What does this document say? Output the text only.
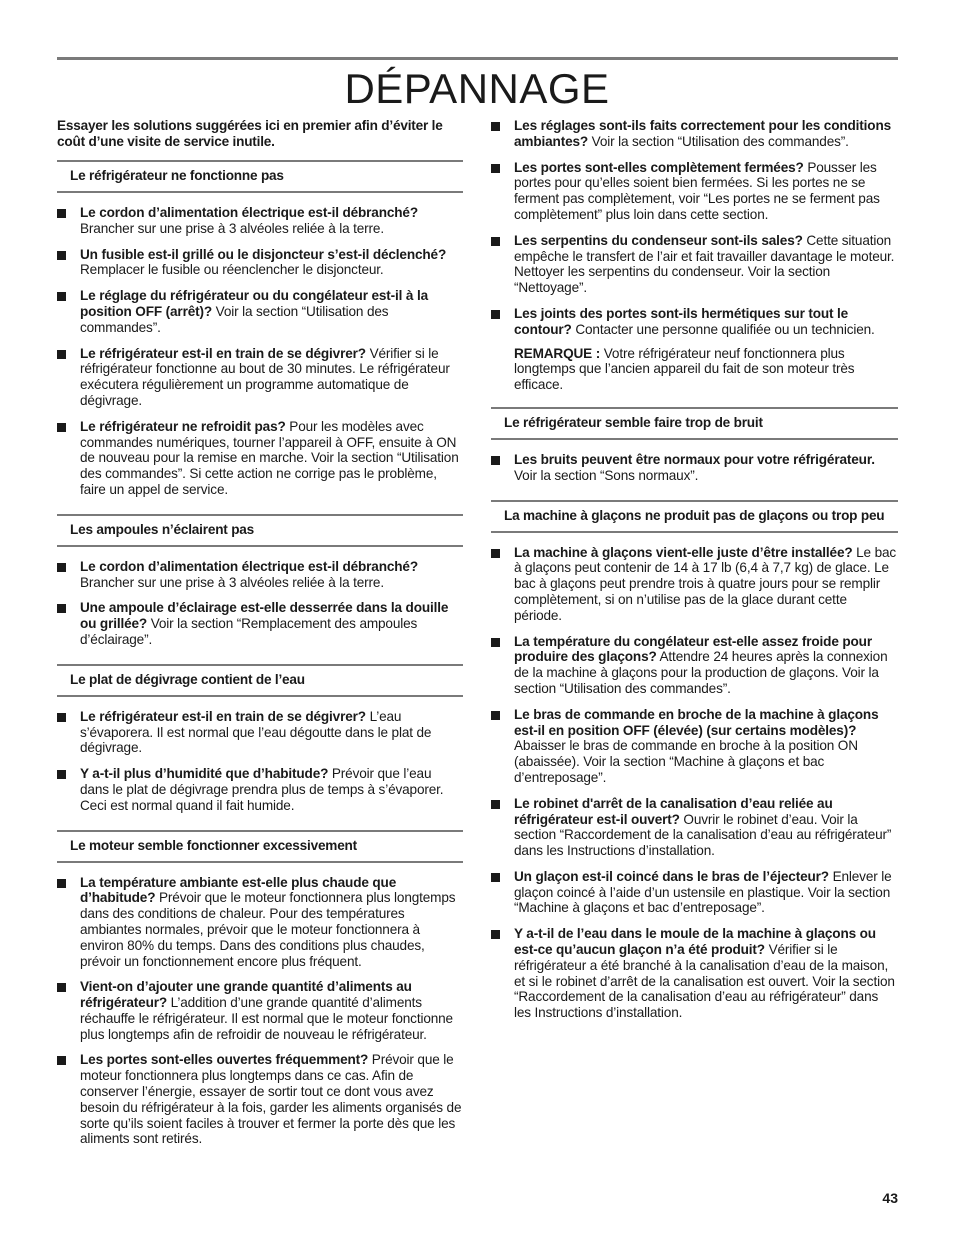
DÉPANNAGE

Essayer les solutions suggérées ici en premier afin d’éviter le coût d’une visite de service inutile.

Le réfrigérateur ne fonctionne pas
Le cordon d’alimentation électrique est-il débranché? Brancher sur une prise à 3 alvéoles reliée à la terre.
Un fusible est-il grillé ou le disjoncteur s’est-il déclenché? Remplacer le fusible ou réenclencher le disjoncteur.
Le réglage du réfrigérateur ou du congélateur est-il à la position OFF (arrêt)? Voir la section “Utilisation des commandes”.
Le réfrigérateur est-il en train de se dégivrer? Vérifier si le réfrigérateur fonctionne au bout de 30 minutes. Le réfrigérateur exécutera régulièrement un programme automatique de dégivrage.
Le réfrigérateur ne refroidit pas? Pour les modèles avec commandes numériques, tourner l’appareil à OFF, ensuite à ON de nouveau pour la remise en marche. Voir la section “Utilisation des commandes”. Si cette action ne corrige pas le problème, faire un appel de service.
Les ampoules n’éclairent pas
Le cordon d’alimentation électrique est-il débranché? Brancher sur une prise à 3 alvéoles reliée à la terre.
Une ampoule d’éclairage est-elle desserrée dans la douille ou grillée? Voir la section “Remplacement des ampoules d’éclairage”.
Le plat de dégivrage contient de l’eau
Le réfrigérateur est-il en train de se dégivrer? L’eau s’évaporera. Il est normal que l’eau dégoutte dans le plat de dégivrage.
Y a-t-il plus d’humidité que d’habitude? Prévoir que l’eau dans le plat de dégivrage prendra plus de temps à s’évaporer. Ceci est normal quand il fait humide.
Le moteur semble fonctionner excessivement
La température ambiante est-elle plus chaude que d’habitude? Prévoir que le moteur fonctionnera plus longtemps dans des conditions de chaleur. Pour des températures ambiantes normales, prévoir que le moteur fonctionnera à environ 80% du temps. Dans des conditions plus chaudes, prévoir un fonctionnement encore plus fréquent.
Vient-on d’ajouter une grande quantité d’aliments au réfrigérateur? L’addition d’une grande quantité d’aliments réchauffe le réfrigérateur. Il est normal que le moteur fonctionne plus longtemps afin de refroidir de nouveau le réfrigérateur.
Les portes sont-elles ouvertes fréquemment? Prévoir que le moteur fonctionnera plus longtemps dans ce cas. Afin de conserver l’énergie, essayer de sortir tout ce dont vous avez besoin du réfrigérateur à la fois, garder les aliments organisés de sorte qu’ils soient faciles à trouver et fermer la porte dès que les aliments sont retirés.
Les réglages sont-ils faits correctement pour les conditions ambiantes? Voir la section “Utilisation des commandes”.
Les portes sont-elles complètement fermées? Pousser les portes pour qu’elles soient bien fermées. Si les portes ne se ferment pas complètement, voir “Les portes ne se ferment pas complètement” plus loin dans cette section.
Les serpentins du condenseur sont-ils sales? Cette situation empêche le transfert de l’air et fait travailler davantage le moteur. Nettoyer les serpentins du condenseur. Voir la section “Nettoyage”.
Les joints des portes sont-ils hermétiques sur tout le contour? Contacter une personne qualifiée ou un technicien.
REMARQUE : Votre réfrigérateur neuf fonctionnera plus longtemps que l’ancien appareil du fait de son moteur très efficace.
Le réfrigérateur semble faire trop de bruit
Les bruits peuvent être normaux pour votre réfrigérateur. Voir la section “Sons normaux”.
La machine à glaçons ne produit pas de glaçons ou trop peu
La machine à glaçons vient-elle juste d’être installée? Le bac à glaçons peut contenir de 14 à 17 lb (6,4 à 7,7 kg) de glace. Le bac à glaçons peut prendre trois à quatre jours pour se remplir complètement, si on n’utilise pas de la glace durant cette période.
La température du congélateur est-elle assez froide pour produire des glaçons? Attendre 24 heures après la connexion de la machine à glaçons pour la production de glaçons. Voir la section “Utilisation des commandes”.
Le bras de commande en broche de la machine à glaçons est-il en position OFF (élevée) (sur certains modèles)? Abaisser le bras de commande en broche à la position ON (abaissée). Voir la section “Machine à glaçons et bac d’entreposage”.
Le robinet d'arrêt de la canalisation d’eau reliée au réfrigérateur est-il ouvert? Ouvrir le robinet d’eau. Voir la section “Raccordement de la canalisation d’eau au réfrigérateur” dans les Instructions d’installation.
Un glaçon est-il coincé dans le bras de l’éjecteur? Enlever le glaçon coincé à l’aide d’un ustensile en plastique. Voir la section “Machine à glaçons et bac d’entreposage”.
Y a-t-il de l’eau dans le moule de la machine à glaçons ou est-ce qu’aucun glaçon n’a été produit? Vérifier si le réfrigérateur a été branché à la canalisation d’eau de la maison, et si le robinet d’arrêt de la canalisation est ouvert. Voir la section “Raccordement de la canalisation d’eau au réfrigérateur” dans les Instructions d’installation.
43
